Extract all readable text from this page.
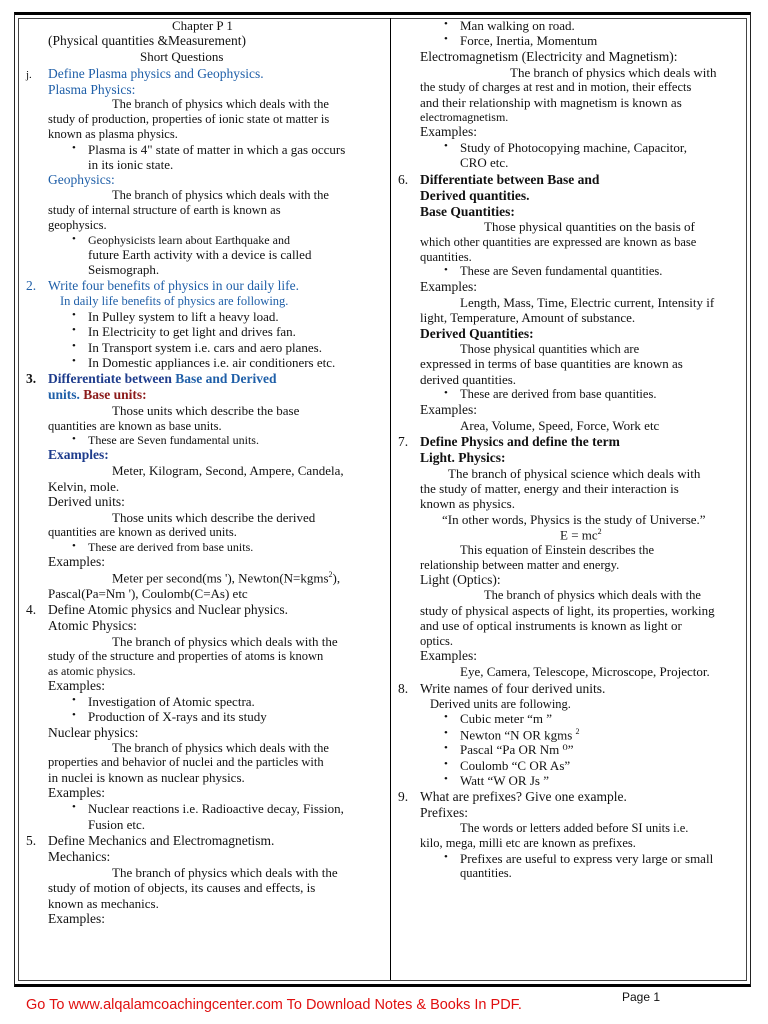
Chapter P 1
(Physical quantities &Measurement)
Short Questions
j. Define Plasma physics and Geophysics.
Plasma Physics:
The branch of physics which deals with the
study of production, properties of ionic state ot matter is
known as plasma physics.
• Plasma is 4" state of matter in which a gas occurs
in its ionic state.
Geophysics:
The branch of physics which deals with the
study of internal structure of earth is known as
geophysics.
• Geophysicists learn about Earthquake and
future Earth activity with a device is called
Seismograph.
2. Write four benefits of physics in our daily life.
In daily life benefits of physics are following.
• In Pulley system to lift a heavy load.
• In Electricity to get light and drives fan.
• In Transport system i.e. cars and aero planes.
• In Domestic appliances i.e. air conditioners etc.
3. Differentiate between Base and Derived
units. Base units:
Those units which describe the base
quantities are known as base units.
• These are Seven fundamental units.
Examples:
Meter, Kilogram, Second, Ampere, Candela,
Kelvin, mole.
Derived units:
Those units which describe the derived
quantities are known as derived units.
• These are derived from base units.
Examples:
Meter per second(ms '), Newton(N=kgms$^2$),
Pascal(Pa=Nm '), Coulomb(C=As) etc
4. Define Atomic physics and Nuclear physics.
Atomic Physics:
The branch of physics which deals with the
study of the structure and properties of atoms is known
as atomic physics.
Examples:
• Investigation of Atomic spectra.
• Production of X-rays and its study
Nuclear physics:
The branch of physics which deals with the
properties and behavior of nuclei and the particles with
in nuclei is known as nuclear physics.
Examples:
• Nuclear reactions i.e. Radioactive decay, Fission,
Fusion etc.
5. Define Mechanics and Electromagnetism.
Mechanics:
The branch of physics which deals with the
study of motion of objects, its causes and effects, is
known as mechanics.
Examples:
• Man walking on road.
• Force, Inertia, Momentum
Electromagnetism (Electricity and Magnetism):
The branch of physics which deals with
the study of charges at rest and in motion, their effects
and their relationship with magnetism is known as
electromagnetism.
Examples:
• Study of Photocopying machine, Capacitor,
CRO etc.
6. Differentiate between Base and
Derived quantities.
Base Quantities:
Those physical quantities on the basis of
which other quantities are expressed are known as base
quantities.
• These are Seven fundamental quantities.
Examples:
Length, Mass, Time, Electric current, Intensity if
light, Temperature, Amount of substance.
Derived Quantities:
Those physical quantities which are
expressed in terms of base quantities are known as
derived quantities.
• These are derived from base quantities.
Examples:
Area, Volume, Speed, Force, Work etc
7. Define Physics and define the term
Light. Physics:
The branch of physical science which deals with
the study of matter, energy and their interaction is
known as physics.
“In other words, Physics is the study of Universe.”
$E = mc^2$
This equation of Einstein describes the
relationship between matter and energy.
Light (Optics):
The branch of physics which deals with the
study of physical aspects of light, its properties, working
and use of optical instruments is known as light or
optics.
Examples:
Eye, Camera, Telescope, Microscope, Projector.
8. Write names of four derived units.
Derived units are following.
• Cubic meter “m ”
• Newton “N OR kgms $^2$
• Pascal “Pa OR Nm ⁰”
• Coulomb “C OR As”
• Watt “W OR Js ”
9. What are prefixes? Give one example.
Prefixes:
The words or letters added before SI units i.e.
kilo, mega, milli etc are known as prefixes.
• Prefixes are useful to express very large or small
quantities.
Page 1
Go To www.alqalamcoachingcenter.com To Download Notes & Books In PDF.
